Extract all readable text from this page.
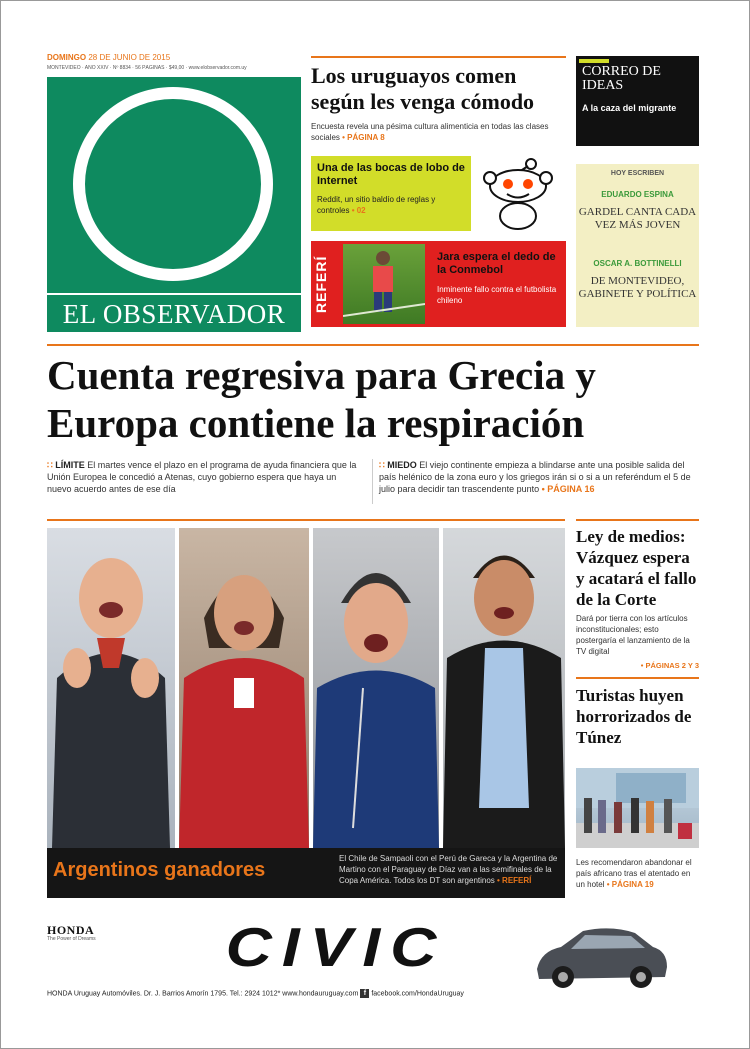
DOMINGO 28 DE JUNIO DE 2015
MONTEVIDEO · AÑO XXIV · Nº 8834 · 56 PÁGINAS · $49,00 · www.elobservador.com.uy
EL OBSERVADOR
Los uruguayos comen según les venga cómodo
Encuesta revela una pésima cultura alimenticia en todas las clases sociales • PÁGINA 8
Una de las bocas de lobo de Internet
Reddit, un sitio baldío de reglas y controles • 02
REFERÍ	Jara espera el dedo de la Conmebol
Inminente fallo contra el futbolista chileno
CORREO DE IDEAS
A la caza del migrante
HOY ESCRIBEN
EDUARDO ESPINA
GARDEL CANTA CADA VEZ MÁS JOVEN
OSCAR A. BOTTINELLI
DE MONTEVIDEO, GABINETE Y POLÍTICA
Cuenta regresiva para Grecia y Europa contiene la respiración
∷ LÍMITE El martes vence el plazo en el programa de ayuda financiera que la Unión Europea le concedió a Atenas, cuyo gobierno espera que haya un nuevo acuerdo antes de ese día
∷ MIEDO El viejo continente empieza a blindarse ante una posible salida del país helénico de la zona euro y los griegos irán si o si a un referéndum el 5 de julio para decidir tan trascendente punto • PÁGINA 16
Argentinos ganadores
El Chile de Sampaoli con el Perú de Gareca y la Argentina de Martino con el Paraguay de Díaz van a las semifinales de la Copa América. Todos los DT son argentinos • REFERÍ
Ley de medios: Vázquez espera y acatará el fallo de la Corte
Dará por tierra con los artículos inconstitucionales; esto postergaría el lanzamiento de la TV digital
• PÁGINAS 2 Y 3
Turistas huyen horrorizados de Túnez
Les recomendaron abandonar el país africano tras el atentado en un hotel • PÁGINA 19
HONDA
The Power of Dreams CIVIC
HONDA Uruguay Automóviles. Dr. J. Barrios Amorín 1795. Tel.: 2924 1012* www.hondauruguay.com f facebook.com/HondaUruguay
